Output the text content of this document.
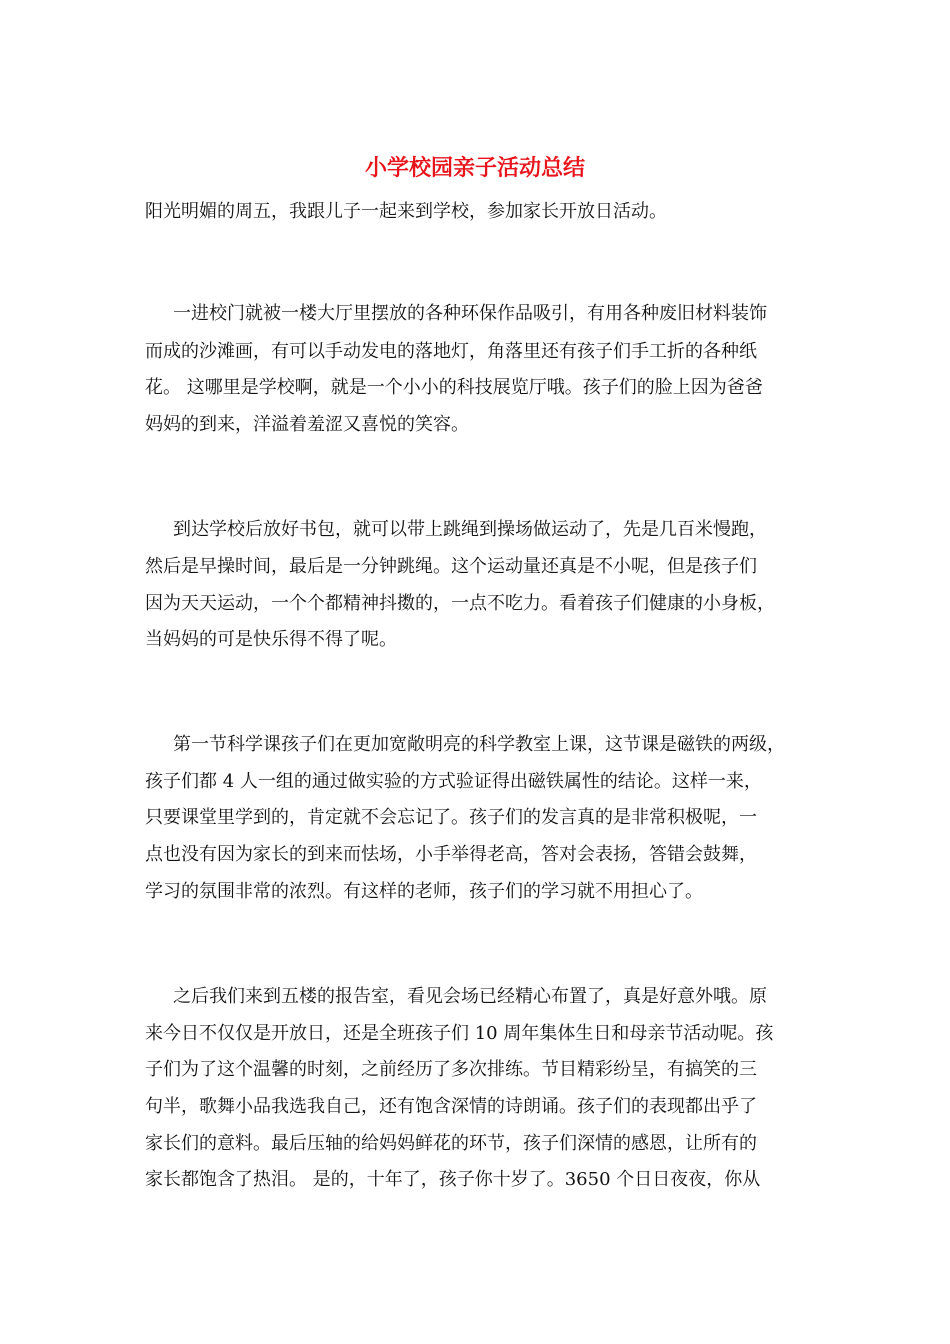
小学校园亲子活动总结

阳光明媚的周五，我跟儿子一起来到学校，参加家长开放日活动。

一进校门就被一楼大厅里摆放的各种环保作品吸引，有用各种废旧材料装饰

而成的沙滩画，有可以手动发电的落地灯，角落里还有孩子们手工折的各种纸

花。 这哪里是学校啊，就是一个小小的科技展览厅哦。孩子们的脸上因为爸爸

妈妈的到来，洋溢着羞涩又喜悦的笑容。

到达学校后放好书包，就可以带上跳绳到操场做运动了，先是几百米慢跑，

然后是早操时间，最后是一分钟跳绳。这个运动量还真是不小呢，但是孩子们

因为天天运动，一个个都精神抖擞的，一点不吃力。看着孩子们健康的小身板，

当妈妈的可是快乐得不得了呢。

第一节科学课孩子们在更加宽敞明亮的科学教室上课，这节课是磁铁的两级，

孩子们都 4 人一组的通过做实验的方式验证得出磁铁属性的结论。这样一来，

只要课堂里学到的，肯定就不会忘记了。孩子们的发言真的是非常积极呢，一

点也没有因为家长的到来而怯场，小手举得老高，答对会表扬，答错会鼓舞，

学习的氛围非常的浓烈。有这样的老师，孩子们的学习就不用担心了。

之后我们来到五楼的报告室，看见会场已经精心布置了，真是好意外哦。原

来今日不仅仅是开放日，还是全班孩子们 10 周年集体生日和母亲节活动呢。孩

子们为了这个温馨的时刻，之前经历了多次排练。节目精彩纷呈，有搞笑的三

句半，歌舞小品我选我自己，还有饱含深情的诗朗诵。孩子们的表现都出乎了

家长们的意料。最后压轴的给妈妈鲜花的环节，孩子们深情的感恩，让所有的

家长都饱含了热泪。 是的，十年了，孩子你十岁了。3650 个日日夜夜，你从
